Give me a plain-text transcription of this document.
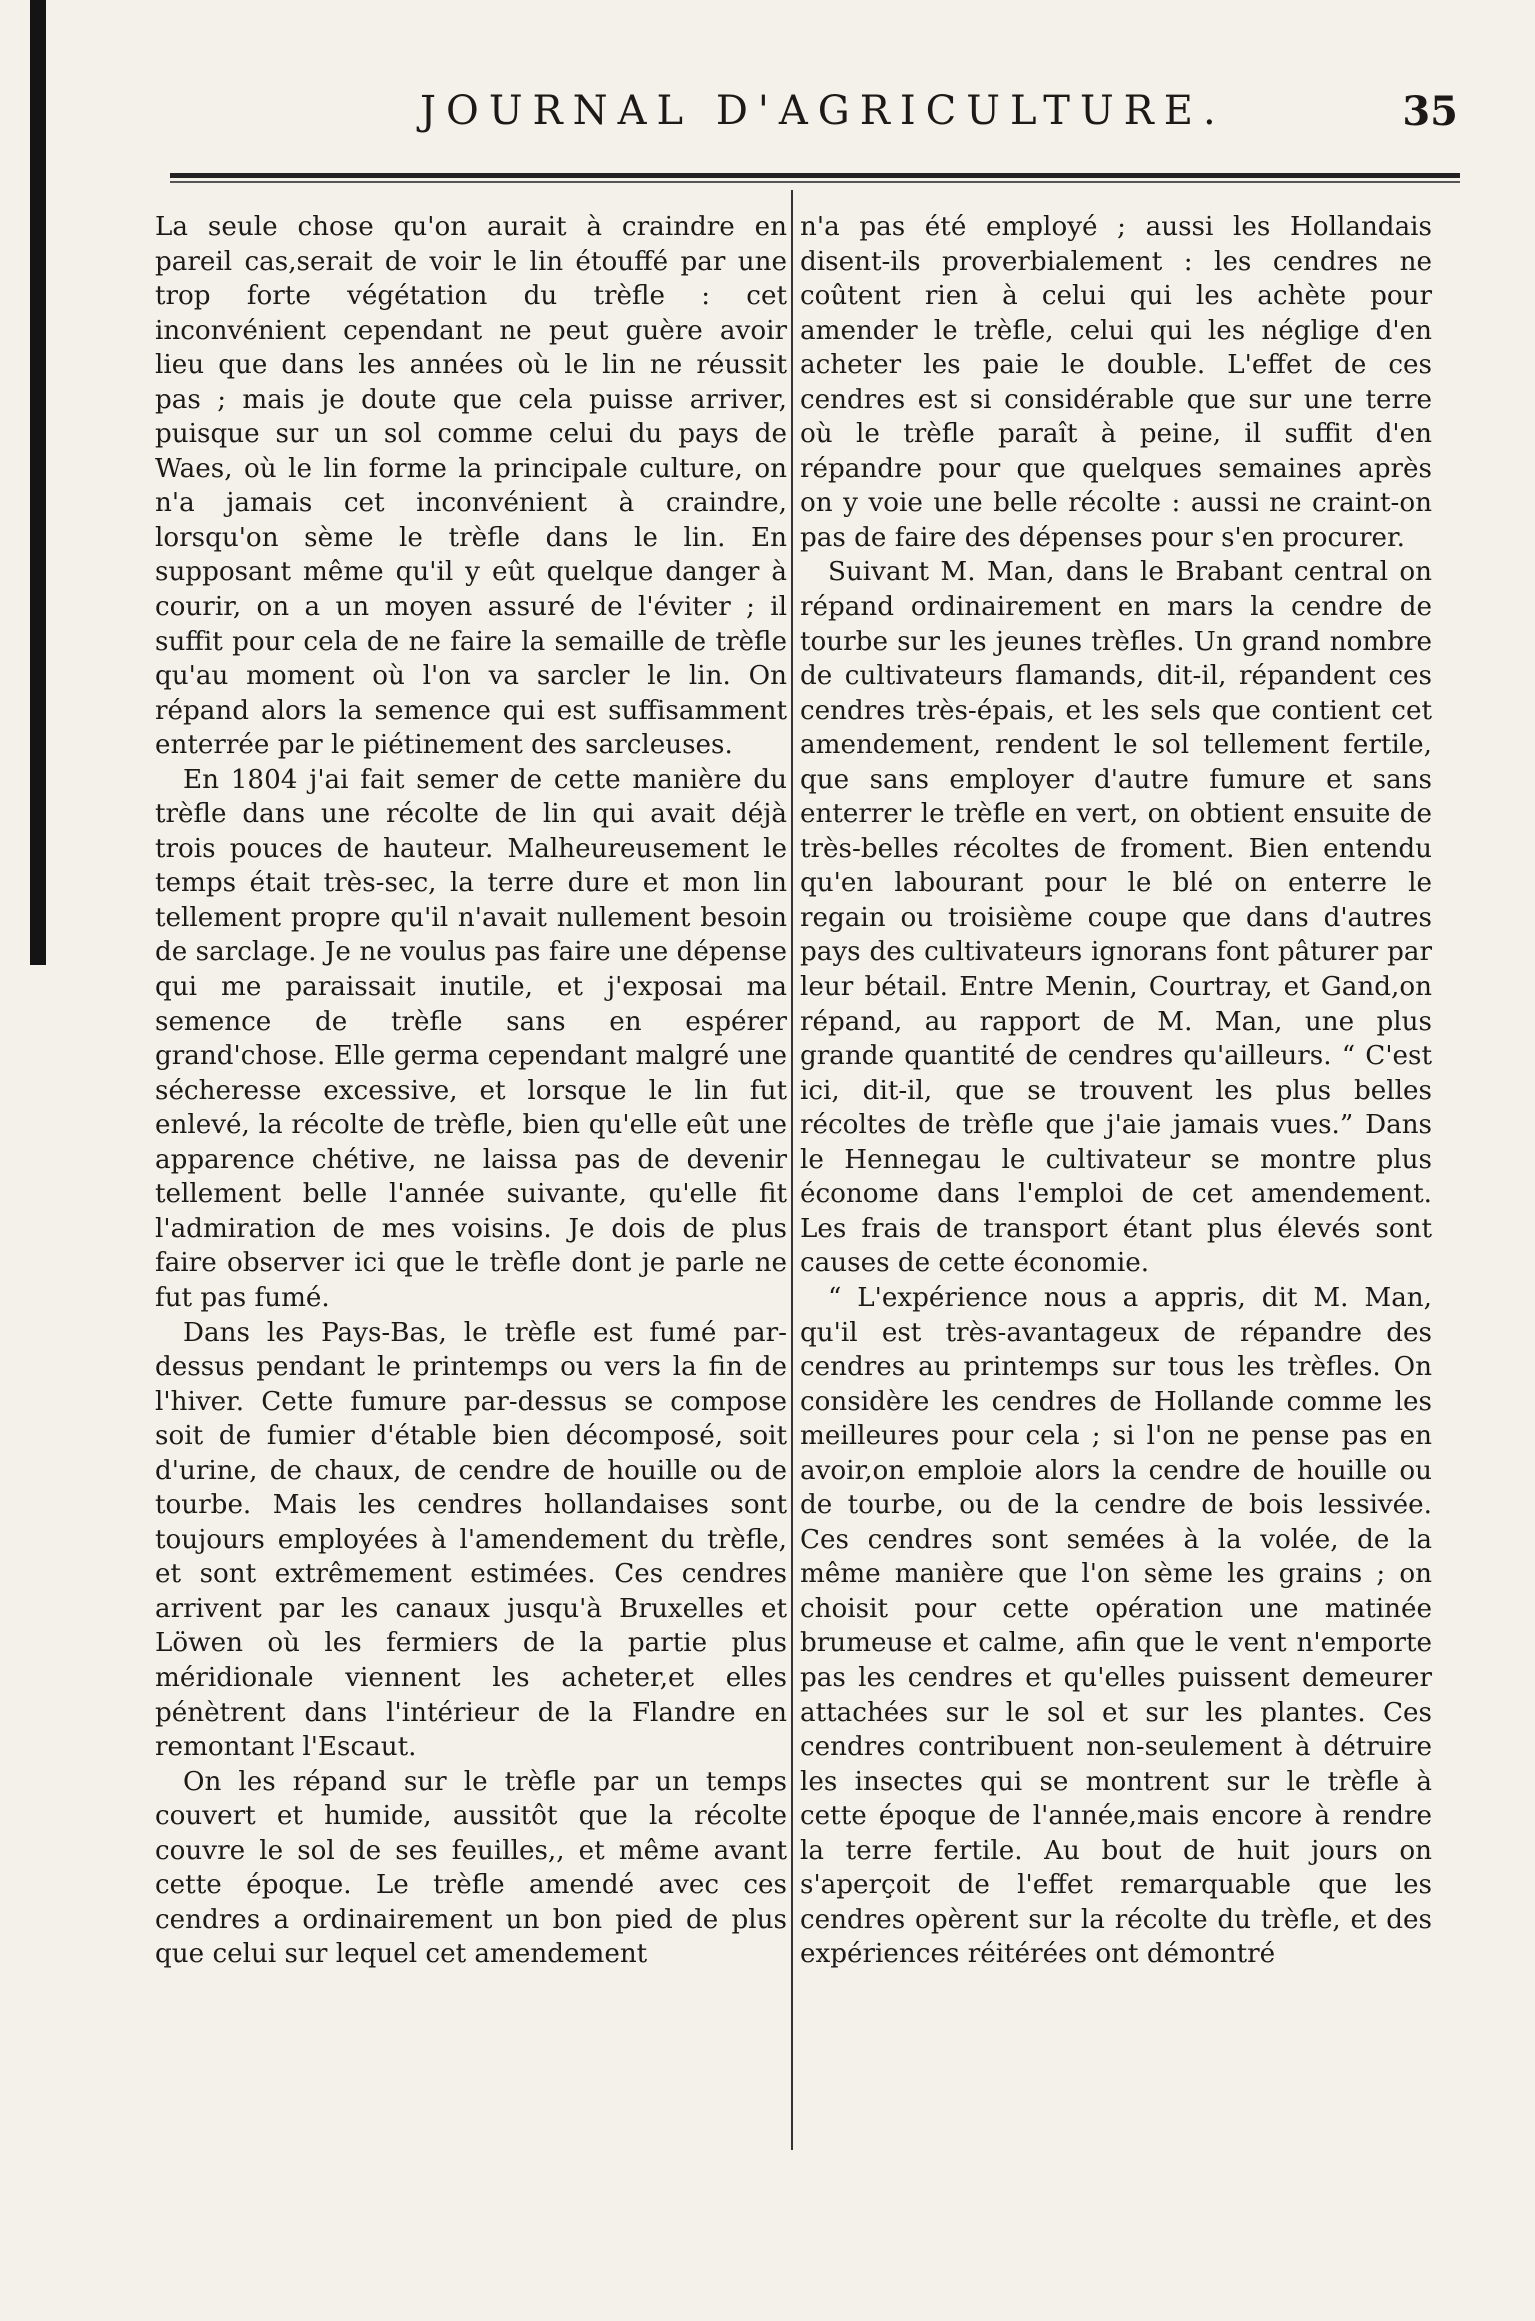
JOURNAL D'AGRICULTURE.	35

La seule chose qu'on aurait à craindre en pareil cas,serait de voir le lin étouffé par une trop forte végétation du trèfle : cet inconvénient cependant ne peut guère avoir lieu que dans les années où le lin ne réussit pas ; mais je doute que cela puisse arriver, puisque sur un sol comme celui du pays de Waes, où le lin forme la principale culture, on n'a jamais cet inconvénient à craindre, lorsqu'on sème le trèfle dans le lin. En supposant même qu'il y eût quelque danger à courir, on a un moyen assuré de l'éviter ; il suffit pour cela de ne faire la semaille de trèfle qu'au moment où l'on va sarcler le lin. On répand alors la semence qui est suffisamment enterrée par le piétinement des sarcleuses.

En 1804 j'ai fait semer de cette manière du trèfle dans une récolte de lin qui avait déjà trois pouces de hauteur. Malheureusement le temps était très-sec, la terre dure et mon lin tellement propre qu'il n'avait nullement besoin de sarclage. Je ne voulus pas faire une dépense qui me paraissait inutile, et j'exposai ma semence de trèfle sans en espérer grand'chose. Elle germa cependant malgré une sécheresse excessive, et lorsque le lin fut enlevé, la récolte de trèfle, bien qu'elle eût une apparence chétive, ne laissa pas de devenir tellement belle l'année suivante, qu'elle fit l'admiration de mes voisins. Je dois de plus faire observer ici que le trèfle dont je parle ne fut pas fumé.

Dans les Pays-Bas, le trèfle est fumé par-dessus pendant le printemps ou vers la fin de l'hiver. Cette fumure par-dessus se compose soit de fumier d'étable bien décomposé, soit d'urine, de chaux, de cendre de houille ou de tourbe. Mais les cendres hollandaises sont toujours employées à l'amendement du trèfle, et sont extrêmement estimées. Ces cendres arrivent par les canaux jusqu'à Bruxelles et Löwen où les fermiers de la partie plus méridionale viennent les acheter,et elles pénètrent dans l'intérieur de la Flandre en remontant l'Escaut.

On les répand sur le trèfle par un temps couvert et humide, aussitôt que la récolte couvre le sol de ses feuilles,, et même avant cette époque. Le trèfle amendé avec ces cendres a ordinairement un bon pied de plus que celui sur lequel cet amendement

n'a pas été employé ; aussi les Hollandais disent-ils proverbialement : les cendres ne coûtent rien à celui qui les achète pour amender le trèfle, celui qui les néglige d'en acheter les paie le double. L'effet de ces cendres est si considérable que sur une terre où le trèfle paraît à peine, il suffit d'en répandre pour que quelques semaines après on y voie une belle récolte : aussi ne craint-on pas de faire des dépenses pour s'en procurer.

Suivant M. Man, dans le Brabant central on répand ordinairement en mars la cendre de tourbe sur les jeunes trèfles. Un grand nombre de cultivateurs flamands, dit-il, répandent ces cendres très-épais, et les sels que contient cet amendement, rendent le sol tellement fertile, que sans employer d'autre fumure et sans enterrer le trèfle en vert, on obtient ensuite de très-belles récoltes de froment. Bien entendu qu'en labourant pour le blé on enterre le regain ou troisième coupe que dans d'autres pays des cultivateurs ignorans font pâturer par leur bétail. Entre Menin, Courtray, et Gand,on répand, au rapport de M. Man, une plus grande quantité de cendres qu'ailleurs. “ C'est ici, dit-il, que se trouvent les plus belles récoltes de trèfle que j'aie jamais vues.” Dans le Hennegau le cultivateur se montre plus économe dans l'emploi de cet amendement. Les frais de transport étant plus élevés sont causes de cette économie.

“ L'expérience nous a appris, dit M. Man, qu'il est très-avantageux de répandre des cendres au printemps sur tous les trèfles. On considère les cendres de Hollande comme les meilleures pour cela ; si l'on ne pense pas en avoir,on emploie alors la cendre de houille ou de tourbe, ou de la cendre de bois lessivée. Ces cendres sont semées à la volée, de la même manière que l'on sème les grains ; on choisit pour cette opération une matinée brumeuse et calme, afin que le vent n'emporte pas les cendres et qu'elles puissent demeurer attachées sur le sol et sur les plantes. Ces cendres contribuent non-seulement à détruire les insectes qui se montrent sur le trèfle à cette époque de l'année,mais encore à rendre la terre fertile. Au bout de huit jours on s'aperçoit de l'effet remarquable que les cendres opèrent sur la récolte du trèfle, et des expériences réitérées ont démontré
